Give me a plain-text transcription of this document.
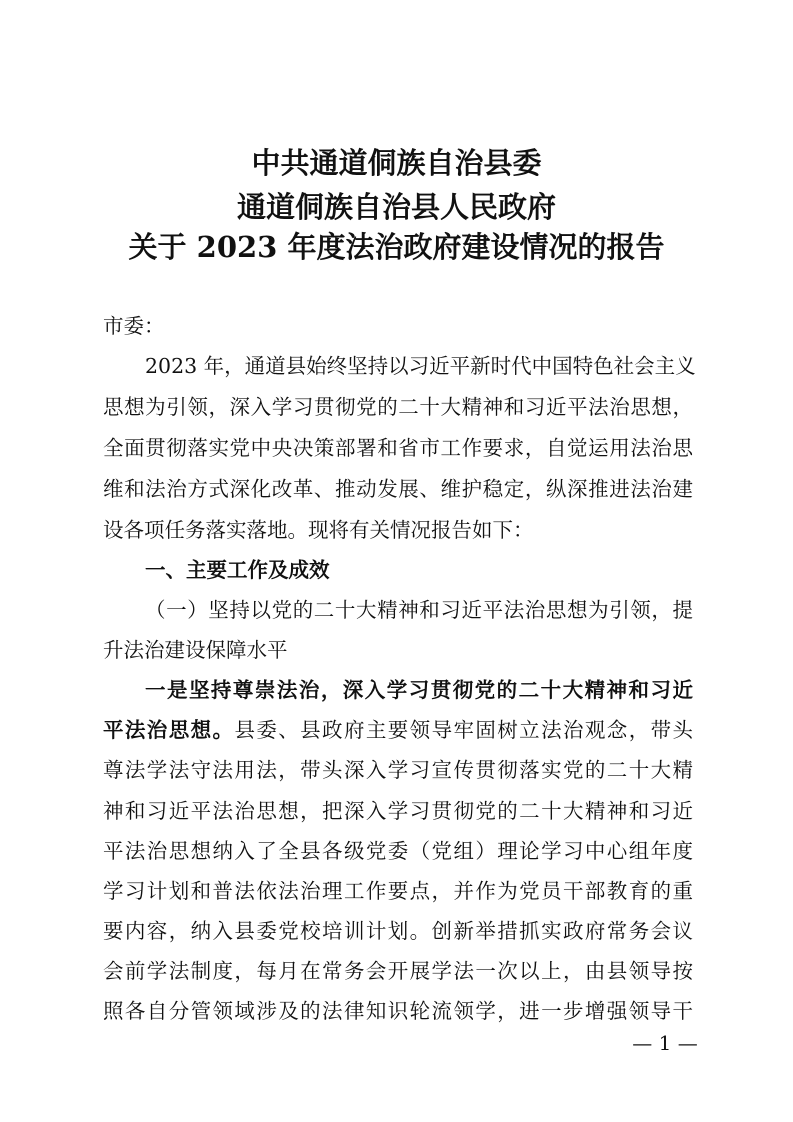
中共通道侗族自治县委
通道侗族自治县人民政府
关于 2023 年度法治政府建设情况的报告
市委：
2023 年，通道县始终坚持以习近平新时代中国特色社会主义
思想为引领，深入学习贯彻党的二十大精神和习近平法治思想，
全面贯彻落实党中央决策部署和省市工作要求，自觉运用法治思
维和法治方式深化改革、推动发展、维护稳定，纵深推进法治建
设各项任务落实落地。现将有关情况报告如下：
一、主要工作及成效
（一）坚持以党的二十大精神和习近平法治思想为引领，提
升法治建设保障水平
一是坚持尊崇法治，深入学习贯彻党的二十大精神和习近
平法治思想。县委、县政府主要领导牢固树立法治观念，带头
尊法学法守法用法，带头深入学习宣传贯彻落实党的二十大精
神和习近平法治思想，把深入学习贯彻党的二十大精神和习近
平法治思想纳入了全县各级党委（党组）理论学习中心组年度
学习计划和普法依法治理工作要点，并作为党员干部教育的重
要内容，纳入县委党校培训计划。创新举措抓实政府常务会议
会前学法制度，每月在常务会开展学法一次以上，由县领导按
照各自分管领域涉及的法律知识轮流领学，进一步增强领导干
— 1 —
